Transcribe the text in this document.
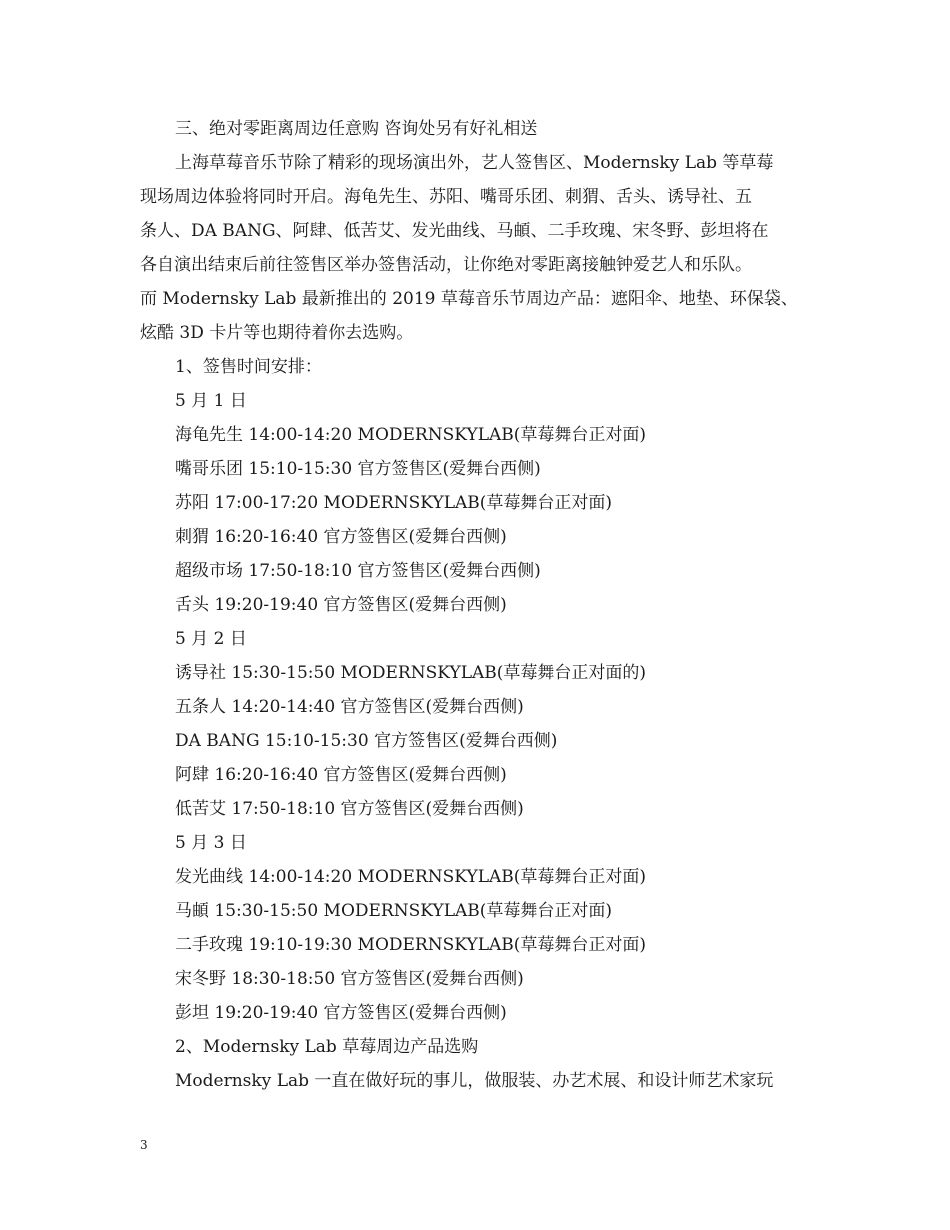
三、绝对零距离周边任意购 咨询处另有好礼相送
上海草莓音乐节除了精彩的现场演出外，艺人签售区、Modernsky Lab 等草莓
现场周边体验将同时开启。海龟先生、苏阳、嘴哥乐团、刺猬、舌头、诱导社、五
条人、DA BANG、阿肆、低苦艾、发光曲线、马頔、二手玫瑰、宋冬野、彭坦将在
各自演出结束后前往签售区举办签售活动，让你绝对零距离接触钟爱艺人和乐队。
而 Modernsky Lab 最新推出的 2019 草莓音乐节周边产品：遮阳伞、地垫、环保袋、
炫酷 3D 卡片等也期待着你去选购。
1、签售时间安排：
5 月 1 日
海龟先生 14:00-14:20 MODERNSKYLAB(草莓舞台正对面)
嘴哥乐团 15:10-15:30 官方签售区(爱舞台西侧)
苏阳 17:00-17:20 MODERNSKYLAB(草莓舞台正对面)
刺猬 16:20-16:40 官方签售区(爱舞台西侧)
超级市场 17:50-18:10 官方签售区(爱舞台西侧)
舌头 19:20-19:40 官方签售区(爱舞台西侧)
5 月 2 日
诱导社 15:30-15:50 MODERNSKYLAB(草莓舞台正对面的)
五条人 14:20-14:40 官方签售区(爱舞台西侧)
DA BANG 15:10-15:30 官方签售区(爱舞台西侧)
阿肆 16:20-16:40 官方签售区(爱舞台西侧)
低苦艾 17:50-18:10 官方签售区(爱舞台西侧)
5 月 3 日
发光曲线 14:00-14:20 MODERNSKYLAB(草莓舞台正对面)
马頔 15:30-15:50 MODERNSKYLAB(草莓舞台正对面)
二手玫瑰 19:10-19:30 MODERNSKYLAB(草莓舞台正对面)
宋冬野 18:30-18:50 官方签售区(爱舞台西侧)
彭坦 19:20-19:40 官方签售区(爱舞台西侧)
2、Modernsky Lab 草莓周边产品选购
Modernsky Lab 一直在做好玩的事儿，做服装、办艺术展、和设计师艺术家玩
3
